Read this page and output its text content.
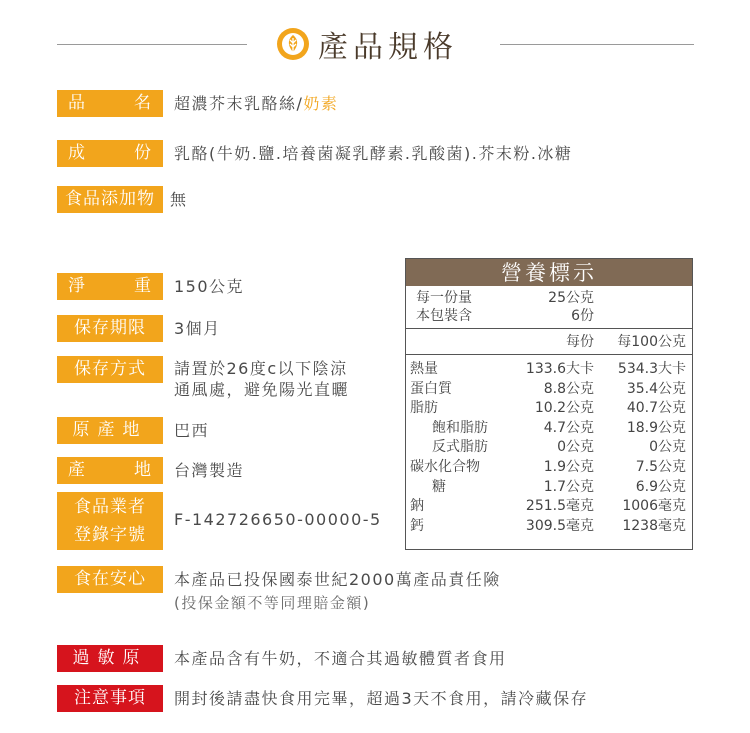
產品規格
品	名 超濃芥末乳酪絲/奶素
成	份 乳酪(牛奶.鹽.培養菌凝乳酵素.乳酸菌).芥末粉.冰糖
食品添加物 無
淨	重 150公克
保存期限	3個月
保存方式	請置於26度c以下陰涼
通風處，避免陽光直曬
原產地	巴西
產	地 台灣製造
食品業者
登錄字號
F-142726650-00000-5
食在安心	本產品已投保國泰世紀2000萬產品責任險
(投保金額不等同理賠金額)
過敏原	本產品含有牛奶，不適合其過敏體質者食用
注意事項	開封後請盡快食用完畢，超過3天不食用，請冷藏保存
營養標示
每一份量	25公克
本包裝含	6份
每份 每100公克
熱量	133.6大卡 534.3大卡
蛋白質	8.8公克 35.4公克
脂肪	10.2公克 40.7公克
飽和脂肪	4.7公克 18.9公克
反式脂肪	0公克	0公克
碳水化合物	1.9公克	7.5公克
糖	1.7公克	6.9公克
鈉	251.5毫克 1006毫克
鈣	309.5毫克 1238毫克
